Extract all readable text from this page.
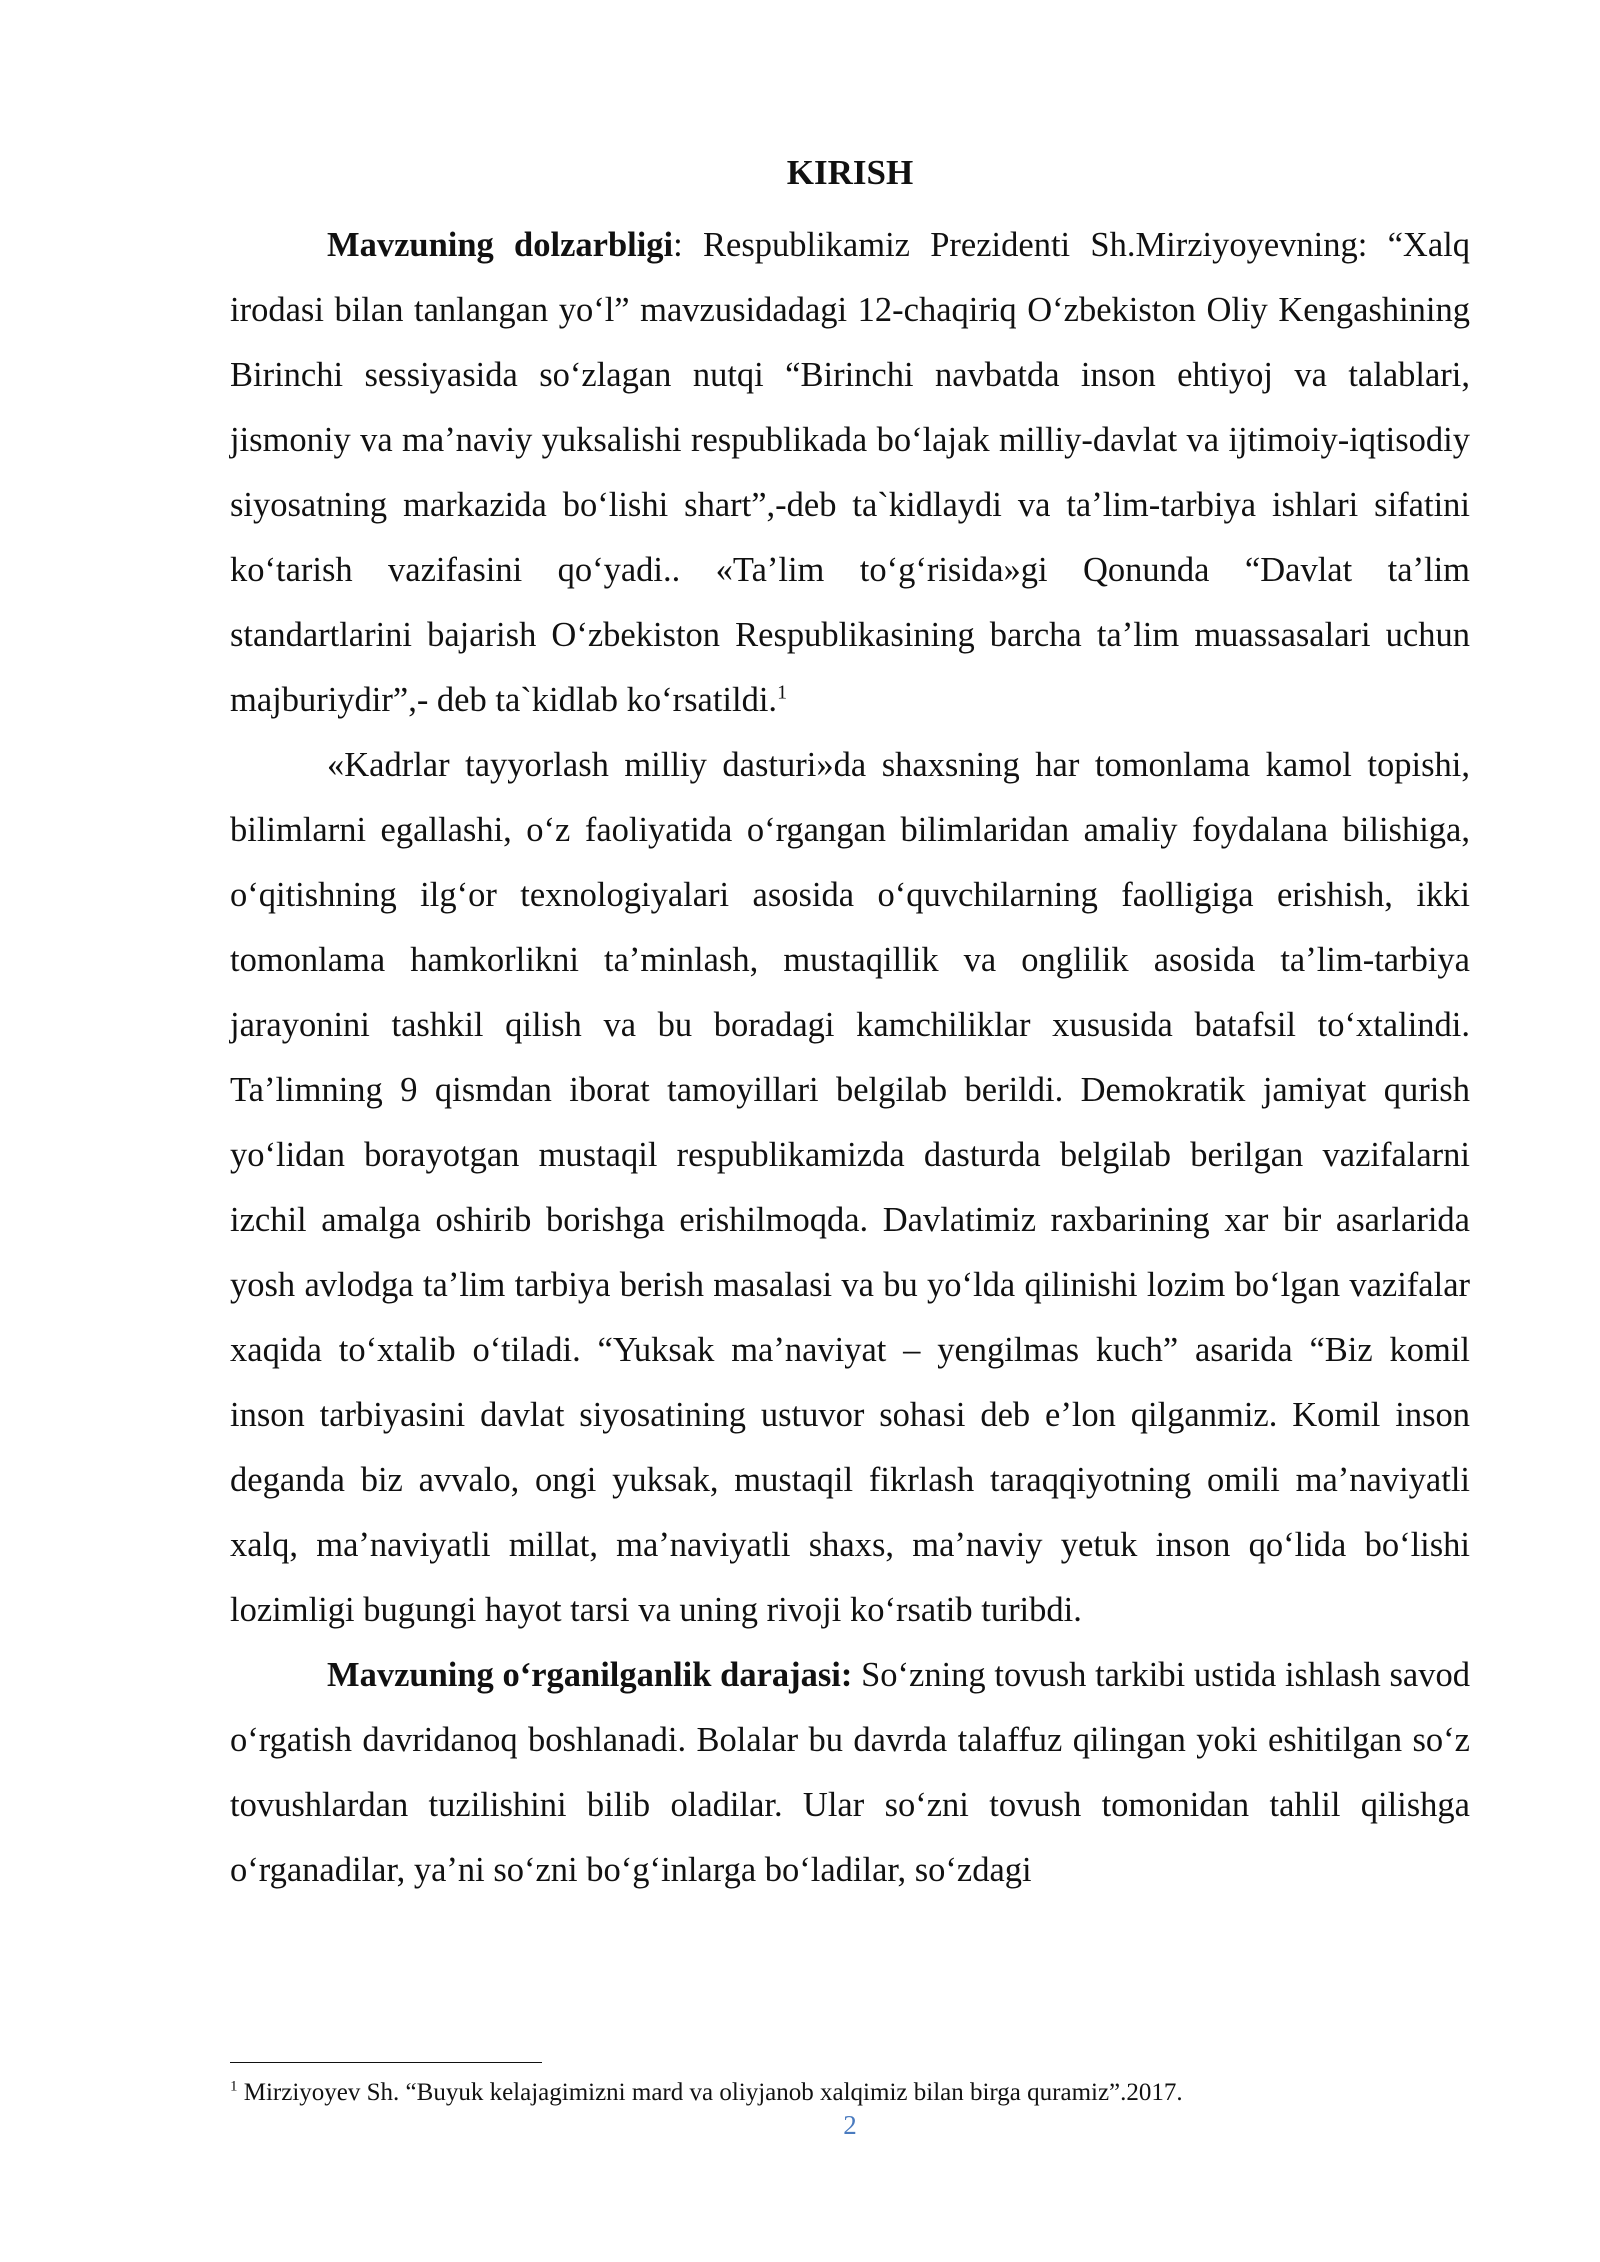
KIRISH

Mavzuning dolzarbligi: Respublikamiz Prezidenti Sh.Mirziyoyevning: “Xalq irodasi bilan tanlangan yoʻl” mavzusidadagi 12-chaqiriq Oʻzbekiston Oliy Kengashining Birinchi sessiyasida soʻzlagan nutqi “Birinchi navbatda inson ehtiyoj va talablari, jismoniy va maʼnaviy yuksalishi respublikada boʻlajak milliy-davlat va ijtimoiy-iqtisodiy siyosatning markazida boʻlishi shart”,-deb ta`kidlaydi va taʼlim-tarbiya ishlari sifatini koʻtarish vazifasini qoʻyadi.. «Taʼlim toʻgʻrisida»gi Qonunda “Davlat taʼlim standartlarini bajarish Oʻzbekiston Respublikasining barcha taʼlim muassasalari uchun majburiydir”,- deb ta`kidlab koʻrsatildi.$^1$

«Kadrlar tayyorlash milliy dasturi»da shaxsning har tomonlama kamol topishi, bilimlarni egallashi, oʻz faoliyatida oʻrgangan bilimlaridan amaliy foydalana bilishiga, oʻqitishning ilgʻor texnologiyalari asosida oʻquvchilarning faolligiga erishish, ikki tomonlama hamkorlikni taʼminlash, mustaqillik va onglilik asosida taʼlim-tarbiya jarayonini tashkil qilish va bu boradagi kamchiliklar xususida batafsil toʻxtalindi. Taʼlimning 9 qismdan iborat tamoyillari belgilab berildi. Demokratik jamiyat qurish yoʻlidan borayotgan mustaqil respublikamizda dasturda belgilab berilgan vazifalarni izchil amalga oshirib borishga erishilmoqda. Davlatimiz raxbarining xar bir asarlarida yosh avlodga taʼlim tarbiya berish masalasi va bu yoʻlda qilinishi lozim boʻlgan vazifalar xaqida toʻxtalib oʻtiladi. “Yuksak maʼnaviyat – yengilmas kuch” asarida “Biz komil inson tarbiyasini davlat siyosatining ustuvor sohasi deb eʼlon qilganmiz. Komil inson deganda biz avvalo, ongi yuksak, mustaqil fikrlash taraqqiyotning omili maʼnaviyatli xalq, maʼnaviyatli millat, maʼnaviyatli shaxs, maʼnaviy yetuk inson qoʻlida boʻlishi lozimligi bugungi hayot tarsi va uning rivoji koʻrsatib turibdi.

Mavzuning oʻrganilganlik darajasi: Soʻzning tovush tarkibi ustida ishlash savod oʻrgatish davridanoq boshlanadi. Bolalar bu davrda talaffuz qilingan yoki eshitilgan soʻz tovushlardan tuzilishini bilib oladilar. Ular soʻzni tovush tomonidan tahlil qilishga oʻrganadilar, yaʼni soʻzni boʻgʻinlarga boʻladilar, soʻzdagi

$^1$ Mirziyoyev Sh. “Buyuk kelajagimizni mard va oliyjanob xalqimiz bilan birga quramiz”.2017.

2
